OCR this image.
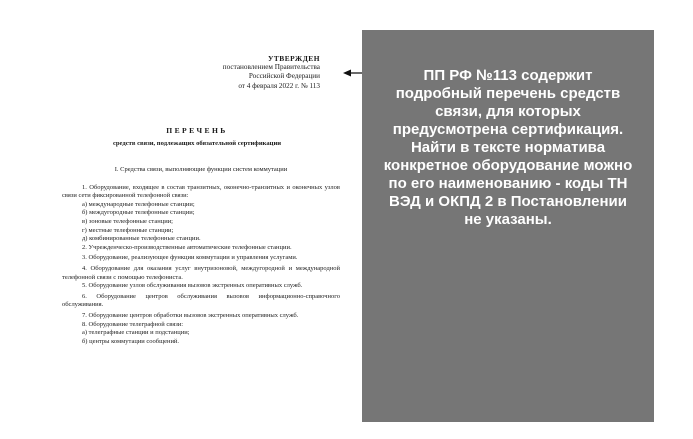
УТВЕРЖДЕН
постановлением Правительства
Российской Федерации
от 4 февраля 2022 г. № 113
ПЕРЕЧЕНЬ
средств связи, подлежащих обязательной сертификации

I. Средства связи, выполняющие функции систем коммутации

1. Оборудование, входящее в состав транзитных, оконечно-транзитных и оконечных узлов связи сети фиксированной телефонной связи:

а) международные телефонные станции;

б) междугородные телефонные станции;

в) зоновые телефонные станции;

г) местные телефонные станции;

д) комбинированные телефонные станции.

2. Учрежденческо-производственные автоматические телефонные станции.

3. Оборудование, реализующее функции коммутации и управления услугами.

4. Оборудование для оказания услуг внутризоновой, междугородной и международной телефонной связи с помощью телефониста.

5. Оборудование узлов обслуживания вызовов экстренных оперативных служб.

6. Оборудование центров обслуживания вызовов информационно-справочного обслуживания.

7. Оборудование центров обработки вызовов экстренных оперативных служб.

8. Оборудование телеграфной связи:

а) телеграфные станции и подстанции;

б) центры коммутации сообщений.

ПП РФ №113 содержит подробный перечень средств связи, для которых предусмотрена сертификация. Найти в тексте норматива конкретное оборудование можно по его наименованию - коды ТН ВЭД и ОКПД 2 в Постановлении не указаны.
